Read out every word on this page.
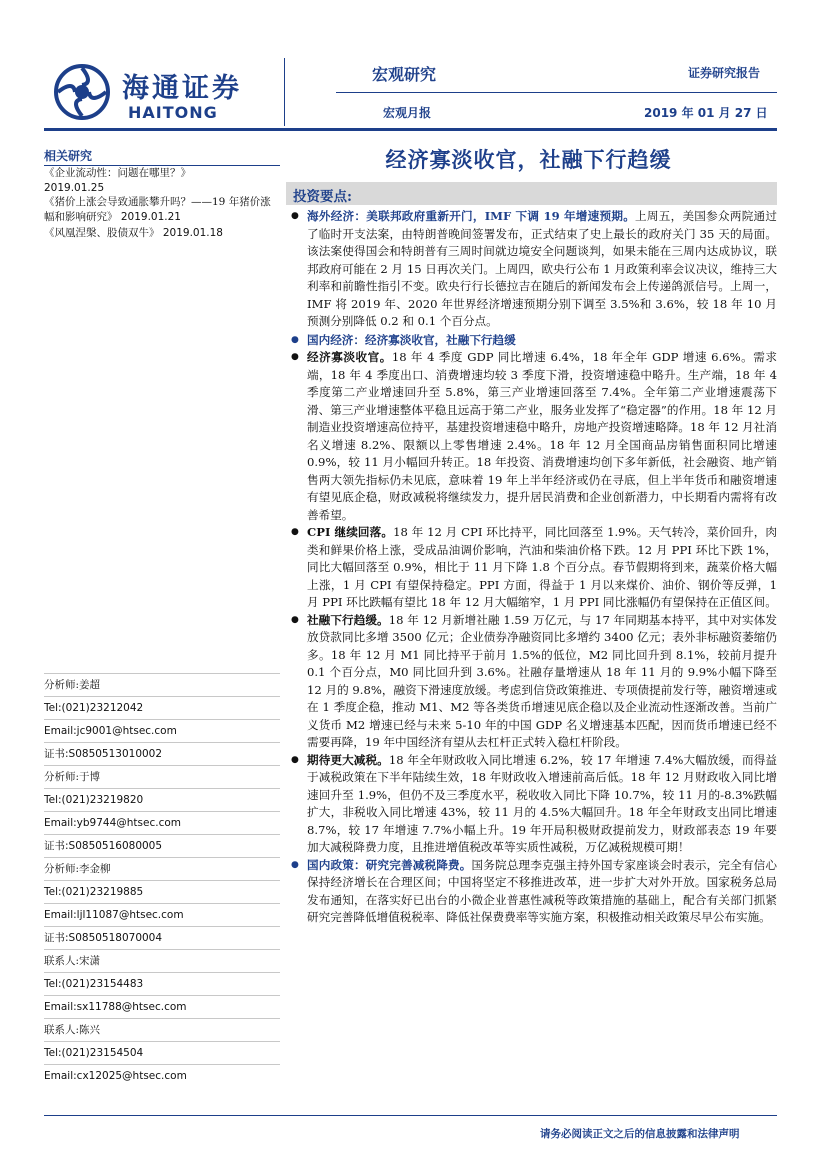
海通证券
HAITONG
宏观研究
宏观月报
证券研究报告
2019 年 01 月 27 日
相关研究
《企业流动性：问题在哪里？》
2019.01.25
《猪价上涨会导致通胀攀升吗？——19 年猪价涨幅和影响研究》 2019.01.21
《风凰涅槃、股债双牛》 2019.01.18
分析师:姜超
Tel:(021)23212042
Email:jc9001@htsec.com
证书:S0850513010002
分析师:于博
Tel:(021)23219820
Email:yb9744@htsec.com
证书:S0850516080005
分析师:李金柳
Tel:(021)23219885
Email:ljl11087@htsec.com
证书:S0850518070004
联系人:宋潇
Tel:(021)23154483
Email:sx11788@htsec.com
联系人:陈兴
Tel:(021)23154504
Email:cx12025@htsec.com
经济寡淡收官，社融下行趋缓
投资要点:
● 海外经济：美联邦政府重新开门，IMF 下调 19 年增速预期。上周五，美国参众两院通过了临时开支法案，由特朗普晚间签署发布，正式结束了史上最长的政府关门 35 天的局面。该法案使得国会和特朗普有三周时间就边境安全问题谈判，如果未能在三周内达成协议，联邦政府可能在 2 月 15 日再次关门。上周四，欧央行公布 1 月政策利率会议决议，维持三大利率和前瞻性指引不变。欧央行行长德拉吉在随后的新闻发布会上传递鸽派信号。上周一，IMF 将 2019 年、2020 年世界经济增速预期分别下调至 3.5%和 3.6%，较 18 年 10 月预测分别降低 0.2 和 0.1 个百分点。
● 国内经济：经济寡淡收官，社融下行趋缓
● 经济寡淡收官。18 年 4 季度 GDP 同比增速 6.4%，18 年全年 GDP 增速 6.6%。需求端，18 年 4 季度出口、消费增速均较 3 季度下滑，投资增速稳中略升。生产端，18 年 4 季度第二产业增速回升至 5.8%，第三产业增速回落至 7.4%。全年第二产业增速震荡下滑、第三产业增速整体平稳且远高于第二产业，服务业发挥了“稳定器”的作用。18 年 12 月制造业投资增速高位持平，基建投资增速稳中略升，房地产投资增速略降。18 年 12 月社消名义增速 8.2%、限额以上零售增速 2.4%。18 年 12 月全国商品房销售面积同比增速 0.9%，较 11 月小幅回升转正。18 年投资、消费增速均创下多年新低，社会融资、地产销售两大领先指标仍未见底，意味着 19 年上半年经济或仍在寻底，但上半年货币和融资增速有望见底企稳，财政减税将继续发力，提升居民消费和企业创新潜力，中长期看内需将有改善希望。
● CPI 继续回落。18 年 12 月 CPI 环比持平，同比回落至 1.9%。天气转冷，菜价回升，肉类和鲜果价格上涨，受成品油调价影响，汽油和柴油价格下跌。12 月 PPI 环比下跌 1%，同比大幅回落至 0.9%，相比于 11 月下降 1.8 个百分点。春节假期将到来，蔬菜价格大幅上涨，1 月 CPI 有望保持稳定。PPI 方面，得益于 1 月以来煤价、油价、钢价等反弹，1 月 PPI 环比跌幅有望比 18 年 12 月大幅缩窄，1 月 PPI 同比涨幅仍有望保持在正值区间。
● 社融下行趋缓。18 年 12 月新增社融 1.59 万亿元，与 17 年同期基本持平，其中对实体发放贷款同比多增 3500 亿元；企业债券净融资同比多增约 3400 亿元；表外非标融资萎缩仍多。18 年 12 月 M1 同比持平于前月 1.5%的低位，M2 同比回升到 8.1%，较前月提升 0.1 个百分点，M0 同比回升到 3.6%。社融存量增速从 18 年 11 月的 9.9%小幅下降至 12 月的 9.8%，融资下滑速度放缓。考虑到信贷政策推进、专项债提前发行等，融资增速或在 1 季度企稳，推动 M1、M2 等各类货币增速见底企稳以及企业流动性逐渐改善。当前广义货币 M2 增速已经与未来 5-10 年的中国 GDP 名义增速基本匹配，因而货币增速已经不需要再降，19 年中国经济有望从去杠杆正式转入稳杠杆阶段。
● 期待更大减税。18 年全年财政收入同比增速 6.2%，较 17 年增速 7.4%大幅放缓，而得益于减税政策在下半年陆续生效，18 年财政收入增速前高后低。18 年 12 月财政收入同比增速回升至 1.9%，但仍不及三季度水平，税收收入同比下降 10.7%，较 11 月的-8.3%跌幅扩大，非税收入同比增速 43%，较 11 月的 4.5%大幅回升。18 年全年财政支出同比增速 8.7%，较 17 年增速 7.7%小幅上升。19 年开局积极财政提前发力，财政部表态 19 年要加大减税降费力度，且推进增值税改革等实质性减税，万亿减税规模可期！
● 国内政策：研究完善减税降费。国务院总理李克强主持外国专家座谈会时表示，完全有信心保持经济增长在合理区间；中国将坚定不移推进改革，进一步扩大对外开放。国家税务总局发布通知，在落实好已出台的小微企业普惠性减税等政策措施的基础上，配合有关部门抓紧研究完善降低增值税税率、降低社保费费率等实施方案，积极推动相关政策尽早公布实施。
请务必阅读正文之后的信息披露和法律声明
